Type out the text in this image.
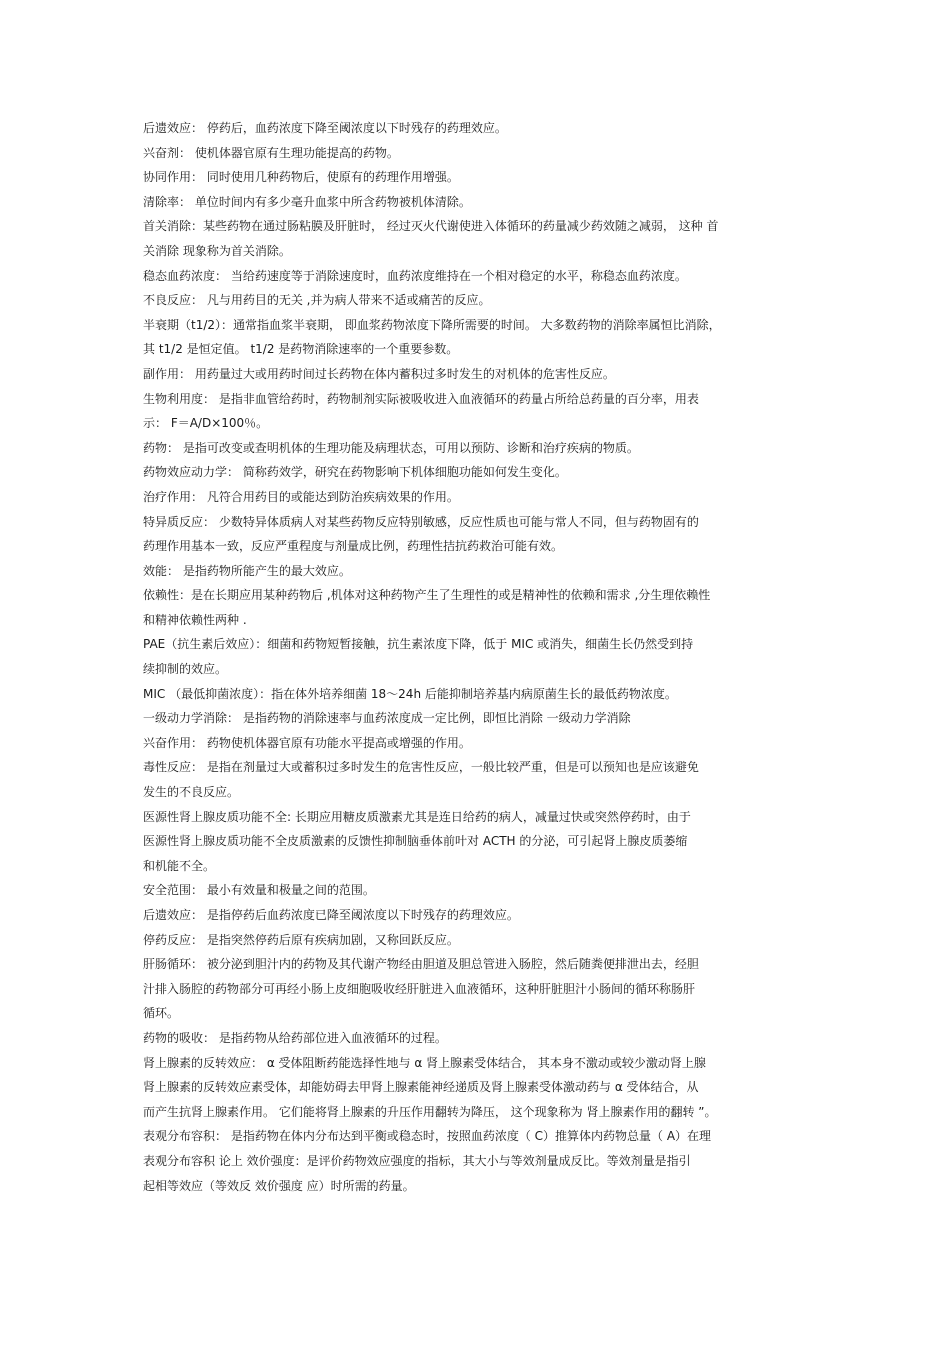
后遗效应： 停药后，血药浓度下降至阈浓度以下时残存的药理效应。
兴奋剂： 使机体器官原有生理功能提高的药物。
协同作用： 同时使用几种药物后，使原有的药理作用增强。
清除率： 单位时间内有多少毫升血浆中所含药物被机体清除。
首关消除：某些药物在通过肠粘膜及肝脏时， 经过灭火代谢使进入体循环的药量减少药效随之减弱， 这种 首
关消除 现象称为首关消除。
稳态血药浓度： 当给药速度等于消除速度时，血药浓度维持在一个相对稳定的水平，称稳态血药浓度。
不良反应： 凡与用药目的无关 ,并为病人带来不适或痛苦的反应。
半衰期（t1/2）：通常指血浆半衰期， 即血浆药物浓度下降所需要的时间。 大多数药物的消除率属恒比消除，
其 t1/2 是恒定值。 t1/2 是药物消除速率的一个重要参数。
副作用： 用药量过大或用药时间过长药物在体内蓄积过多时发生的对机体的危害性反应。
生物利用度： 是指非血管给药时，药物制剂实际被吸收进入血液循环的药量占所给总药量的百分率，用表
示： F＝A/D×100％。
药物： 是指可改变或查明机体的生理功能及病理状态，可用以预防、诊断和治疗疾病的物质。
药物效应动力学： 简称药效学，研究在药物影响下机体细胞功能如何发生变化。
治疗作用： 凡符合用药目的或能达到防治疾病效果的作用。
特异质反应： 少数特异体质病人对某些药物反应特别敏感，反应性质也可能与常人不同，但与药物固有的
药理作用基本一致，反应严重程度与剂量成比例，药理性拮抗药救治可能有效。
效能： 是指药物所能产生的最大效应。
依赖性：是在长期应用某种药物后 ,机体对这种药物产生了生理性的或是精神性的依赖和需求 ,分生理依赖性
和精神依赖性两种 .
PAE（抗生素后效应）：细菌和药物短暂接触，抗生素浓度下降，低于 MIC 或消失，细菌生长仍然受到持
续抑制的效应。
MIC （最低抑菌浓度）：指在体外培养细菌 18～24h 后能抑制培养基内病原菌生长的最低药物浓度。
一级动力学消除： 是指药物的消除速率与血药浓度成一定比例，即恒比消除 一级动力学消除
兴奋作用： 药物使机体器官原有功能水平提高或增强的作用。
毒性反应： 是指在剂量过大或蓄积过多时发生的危害性反应，一般比较严重，但是可以预知也是应该避免
发生的不良反应。
医源性肾上腺皮质功能不全: 长期应用糖皮质激素尤其是连日给药的病人，减量过快或突然停药时，由于
医源性肾上腺皮质功能不全皮质激素的反馈性抑制脑垂体前叶对 ACTH 的分泌，可引起肾上腺皮质萎缩
和机能不全。
安全范围： 最小有效量和极量之间的范围。
后遗效应： 是指停药后血药浓度已降至阈浓度以下时残存的药理效应。
停药反应： 是指突然停药后原有疾病加剧，又称回跃反应。
肝肠循环： 被分泌到胆汁内的药物及其代谢产物经由胆道及胆总管进入肠腔，然后随粪便排泄出去，经胆
汁排入肠腔的药物部分可再经小肠上皮细胞吸收经肝脏进入血液循环，这种肝脏胆汁小肠间的循环称肠肝
循环。
药物的吸收： 是指药物从给药部位进入血液循环的过程。
肾上腺素的反转效应： α 受体阻断药能选择性地与 α 肾上腺素受体结合， 其本身不激动或较少激动肾上腺
肾上腺素的反转效应素受体，却能妨碍去甲肾上腺素能神经递质及肾上腺素受体激动药与 α 受体结合，从
而产生抗肾上腺素作用。 它们能将肾上腺素的升压作用翻转为降压， 这个现象称为 肾上腺素作用的翻转 ”。
表观分布容积： 是指药物在体内分布达到平衡或稳态时，按照血药浓度（ C）推算体内药物总量（ A）在理
表观分布容积 论上 效价强度：是评价药物效应强度的指标，其大小与等效剂量成反比。等效剂量是指引
起相等效应（等效反 效价强度 应）时所需的药量。
